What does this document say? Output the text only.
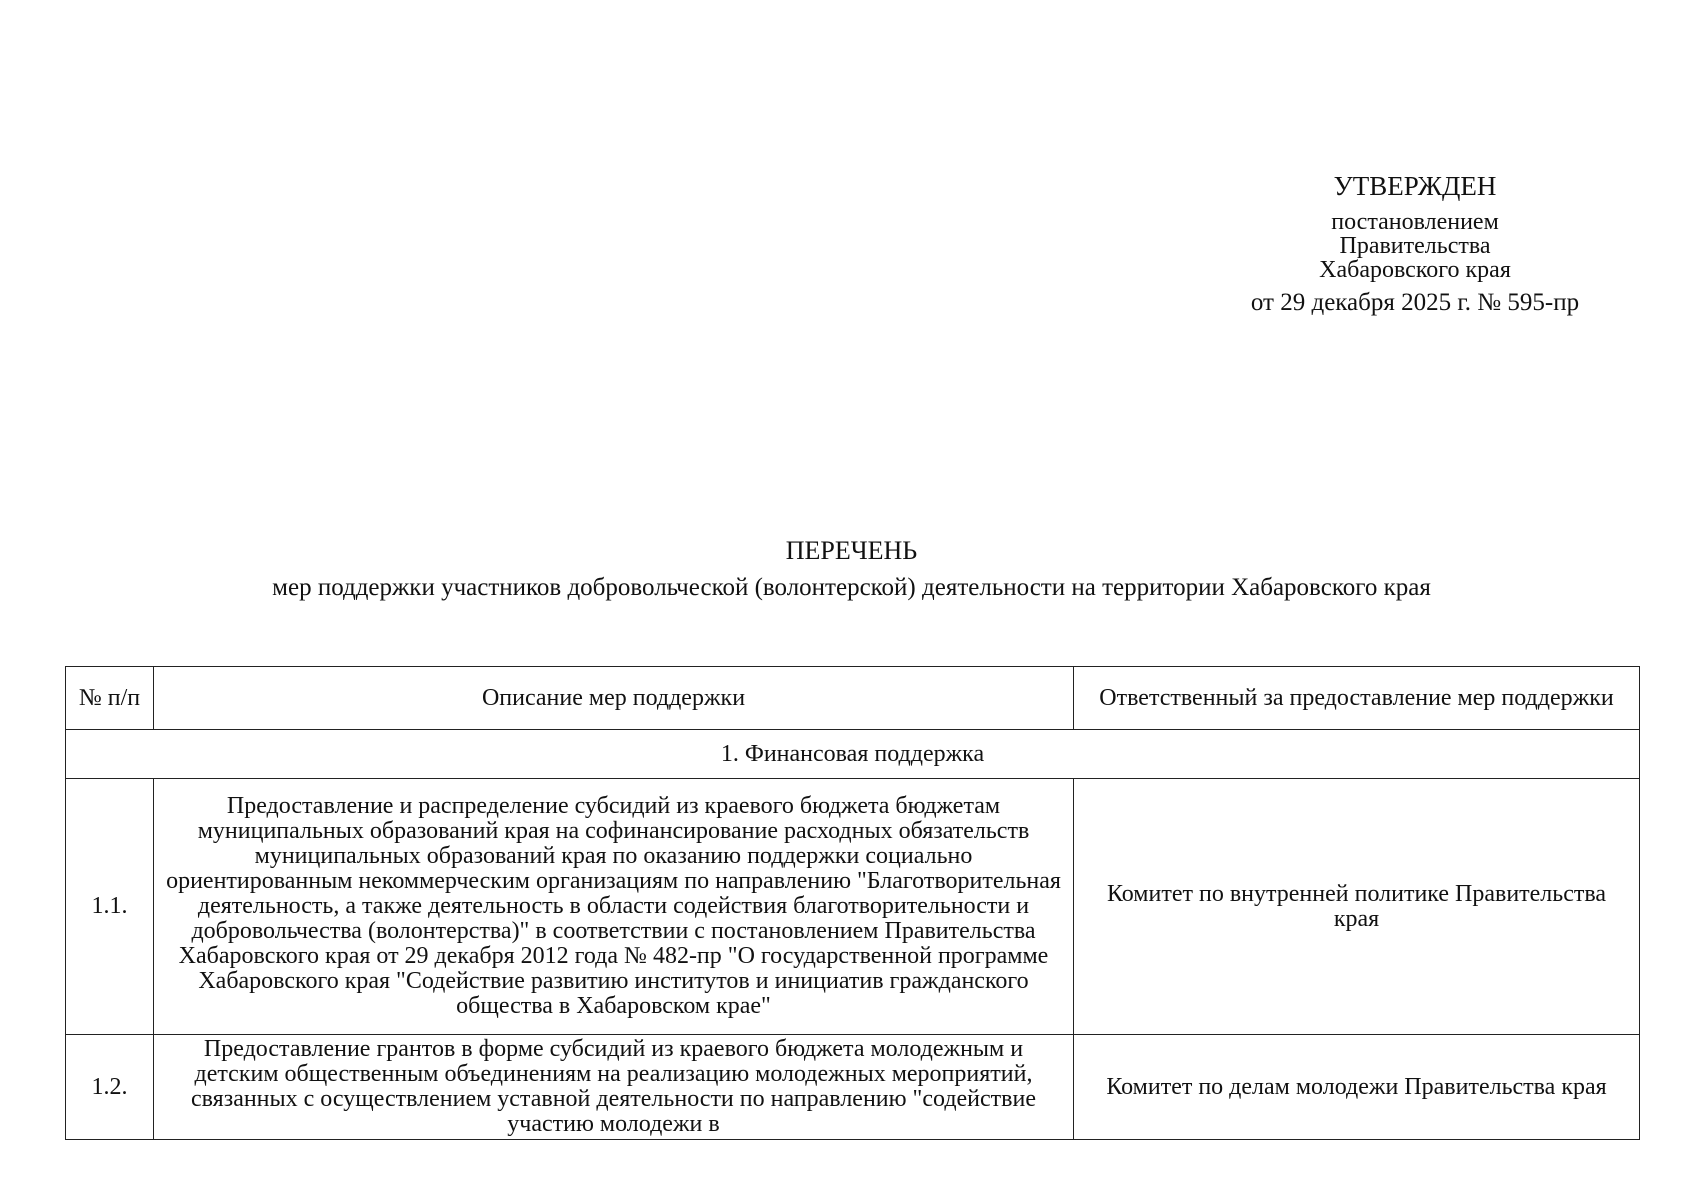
УТВЕРЖДЕН
постановлением
Правительства
Хабаровского края
от 29 декабря 2025 г. № 595-пр
ПЕРЕЧЕНЬ
мер поддержки участников добровольческой (волонтерской) деятельности на территории Хабаровского края
№ п/п	Описание мер поддержки	Ответственный за предоставление мер поддержки
1. Финансовая поддержка		
1.1.	Предоставление и распределение субсидий из краевого бюджета бюджетам муниципальных образований края на софинансирование расходных обязательств муниципальных образований края по оказанию поддержки социально ориентированным некоммерческим организациям по направлению "Благотворительная деятельность, а также деятельность в области содействия благотворительности и добровольчества (волонтерства)" в соответствии с постановлением Правительства Хабаровского края от 29 декабря 2012 года № 482-пр "О государственной программе Хабаровского края "Содействие развитию институтов и инициатив гражданского общества в Хабаровском крае"	Комитет по внутренней политике Правительства края
1.2.	Предоставление грантов в форме субсидий из краевого бюджета молодежным и детским общественным объединениям на реализацию молодежных мероприятий, связанных с осуществлением уставной деятельности по направлению "содействие участию молодежи в	Комитет по делам молодежи Правительства края
